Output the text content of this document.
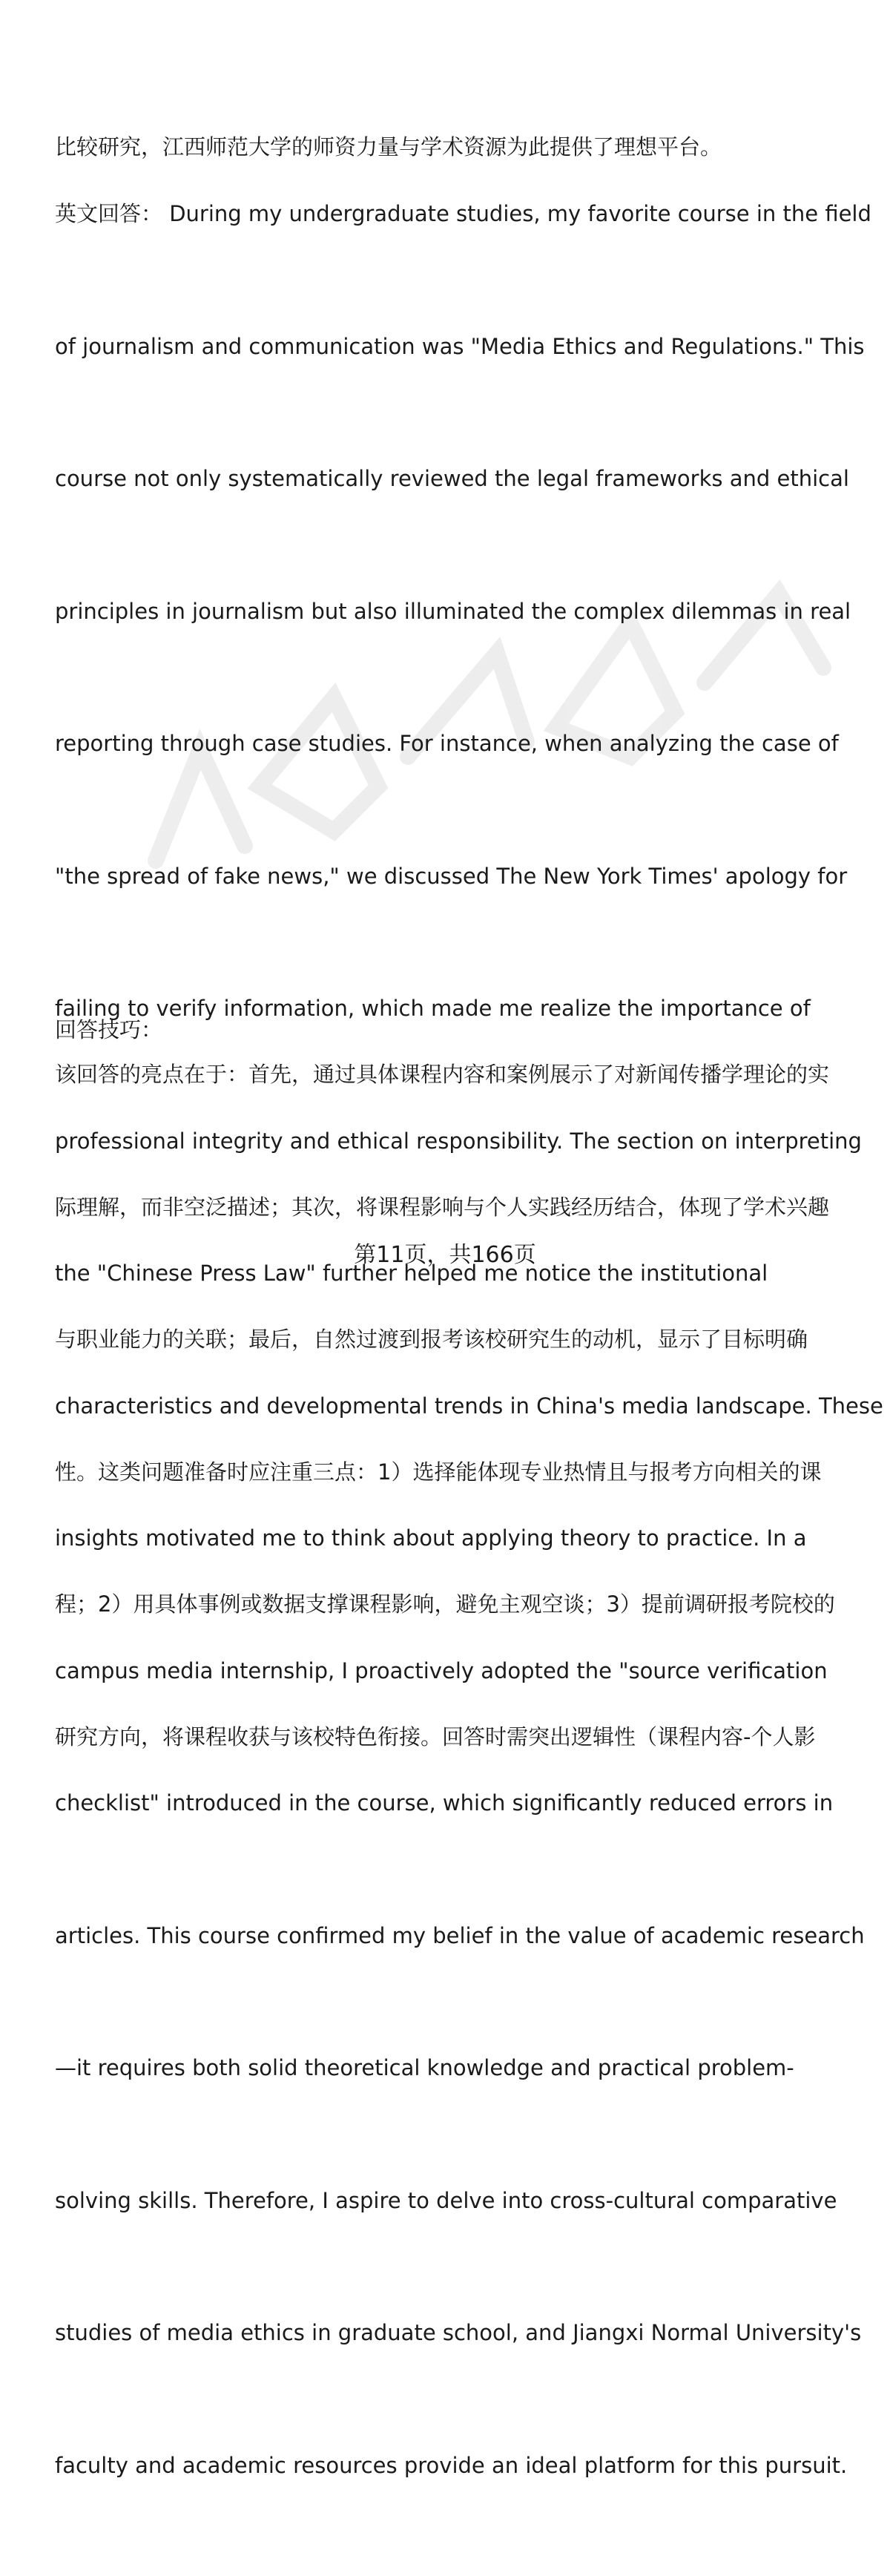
比较研究，江西师范大学的师资力量与学术资源为此提供了理想平台。

英文回答： During my undergraduate studies, my favorite course in the field

of journalism and communication was "Media Ethics and Regulations." This

course not only systematically reviewed the legal frameworks and ethical

principles in journalism but also illuminated the complex dilemmas in real

reporting through case studies. For instance, when analyzing the case of

"the spread of fake news," we discussed The New York Times' apology for

failing to verify information, which made me realize the importance of

professional integrity and ethical responsibility. The section on interpreting

the "Chinese Press Law" further helped me notice the institutional

characteristics and developmental trends in China's media landscape. These

insights motivated me to think about applying theory to practice. In a

campus media internship, I proactively adopted the "source verification

checklist" introduced in the course, which significantly reduced errors in

articles. This course confirmed my belief in the value of academic research

—it requires both solid theoretical knowledge and practical problem-

solving skills. Therefore, I aspire to delve into cross-cultural comparative

studies of media ethics in graduate school, and Jiangxi Normal University's

faculty and academic resources provide an ideal platform for this pursuit.

回答技巧：

该回答的亮点在于：首先，通过具体课程内容和案例展示了对新闻传播学理论的实

际理解，而非空泛描述；其次，将课程影响与个人实践经历结合，体现了学术兴趣

与职业能力的关联；最后，自然过渡到报考该校研究生的动机，显示了目标明确

性。这类问题准备时应注重三点：1）选择能体现专业热情且与报考方向相关的课

程；2）用具体事例或数据支撑课程影响，避免主观空谈；3）提前调研报考院校的

研究方向，将课程收获与该校特色衔接。回答时需突出逻辑性（课程内容-个人影

第11页，共166页
